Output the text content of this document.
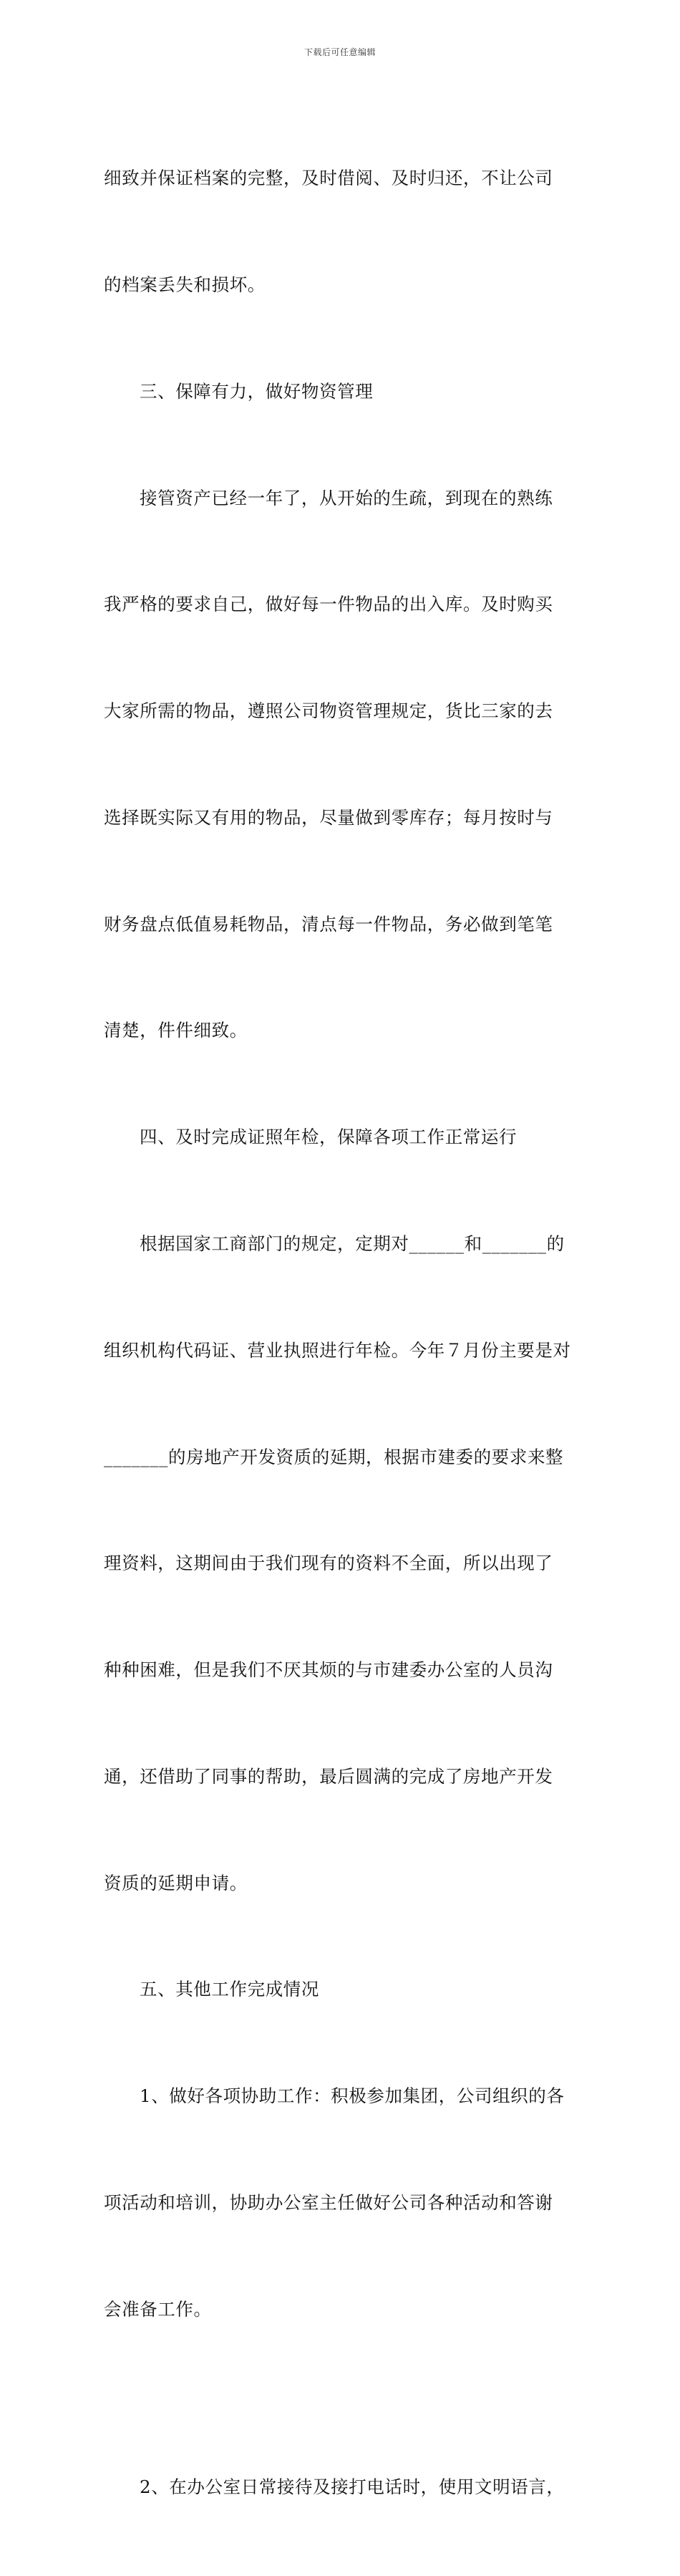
下载后可任意编辑

细致并保证档案的完整，及时借阅、及时归还，不让公司

的档案丢失和损坏。

三、保障有力，做好物资管理

接管资产已经一年了，从开始的生疏，到现在的熟练

我严格的要求自己，做好每一件物品的出入库。及时购买

大家所需的物品，遵照公司物资管理规定，货比三家的去

选择既实际又有用的物品，尽量做到零库存；每月按时与

财务盘点低值易耗物品，清点每一件物品，务必做到笔笔

清楚，件件细致。

四、及时完成证照年检，保障各项工作正常运行

根据国家工商部门的规定，定期对______和_______的

组织机构代码证、营业执照进行年检。今年７月份主要是对

_______的房地产开发资质的延期，根据市建委的要求来整

理资料，这期间由于我们现有的资料不全面，所以出现了

种种困难，但是我们不厌其烦的与市建委办公室的人员沟

通，还借助了同事的帮助，最后圆满的完成了房地产开发

资质的延期申请。

五、其他工作完成情况

1、做好各项协助工作：积极参加集团，公司组织的各

项活动和培训，协助办公室主任做好公司各种活动和答谢

会准备工作。

2、在办公室日常接待及接打电话时，使用文明语言，
